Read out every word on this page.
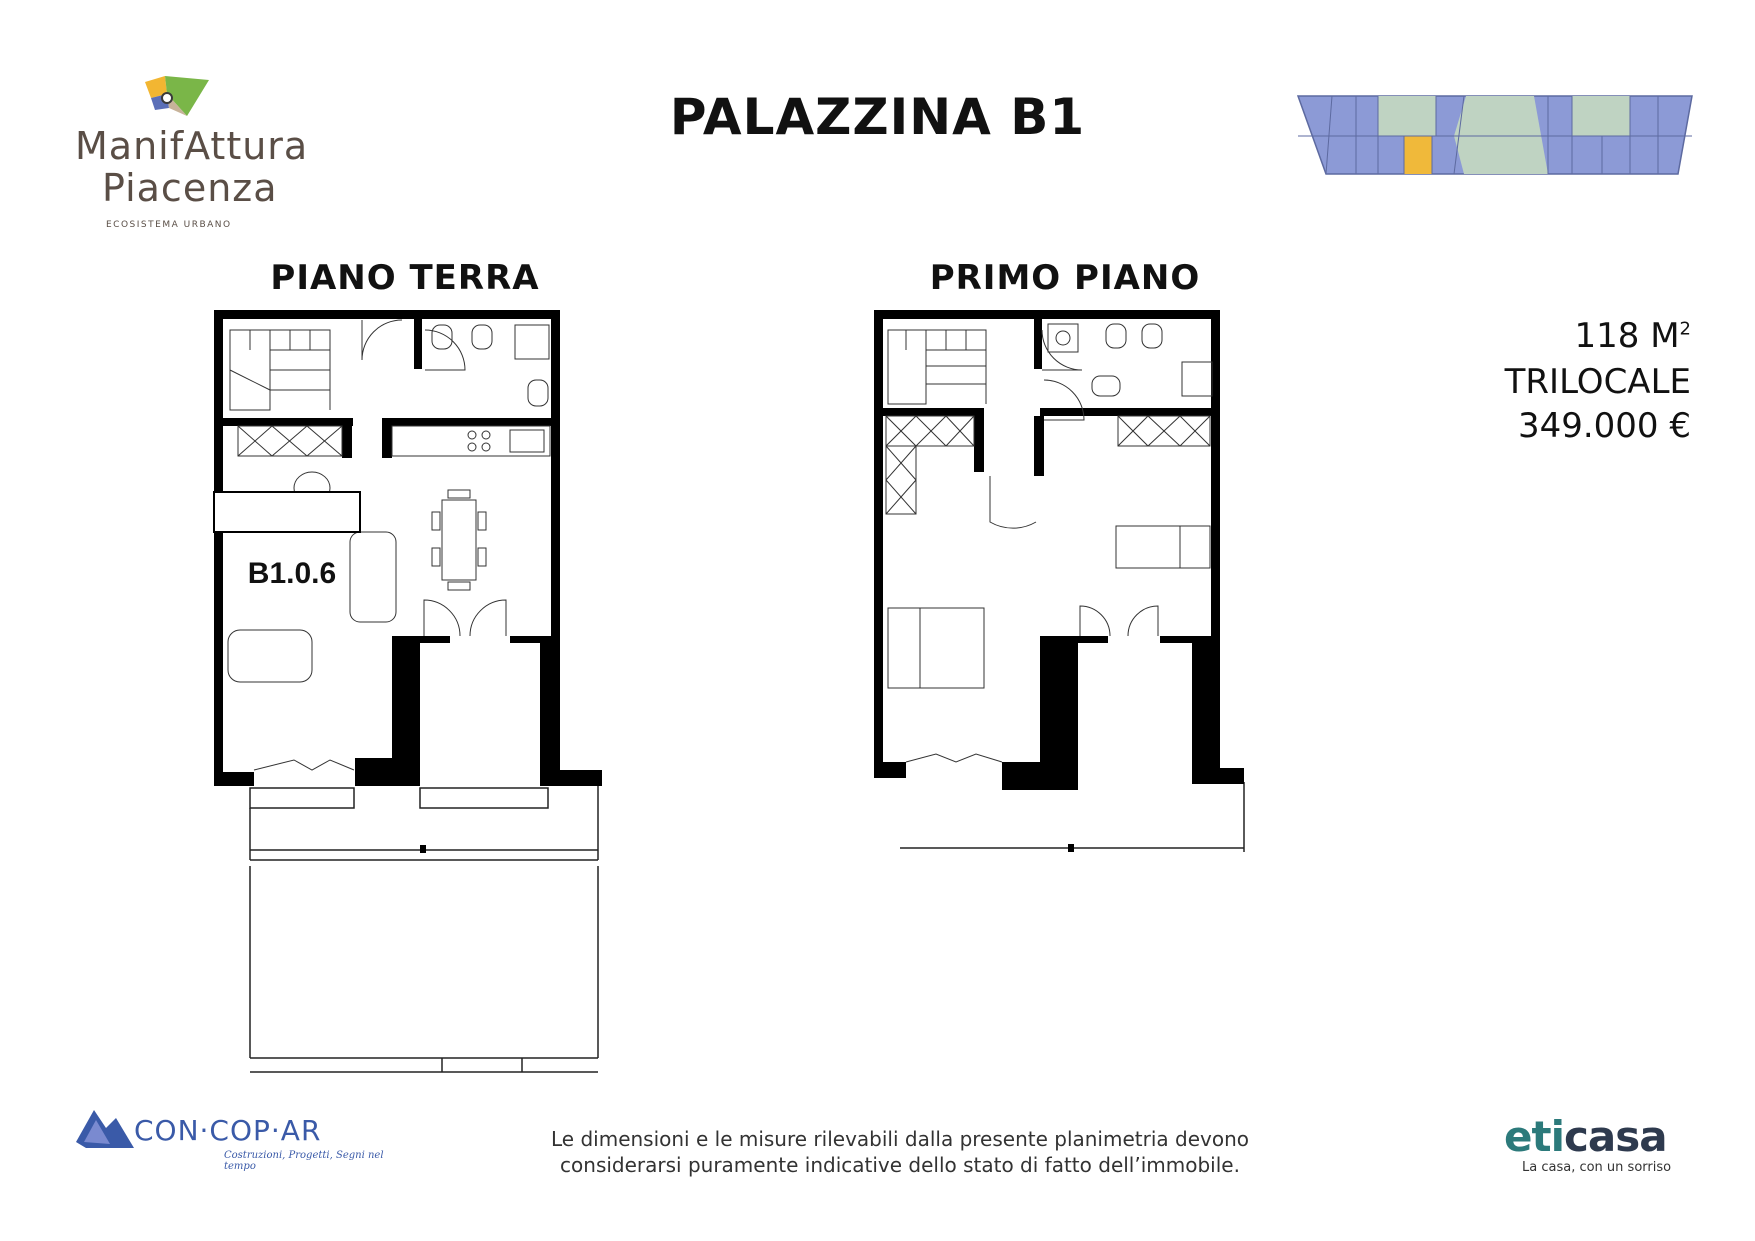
ManifAttura
Piacenza
ECOSISTEMA URBANO
PALAZZINA B1
PIANO TERRA	PRIMO PIANO
118 $M^2$
TRILOCALE
349.000 €
B1.0.6
CON·COP·AR
Costruzioni, Progetti, Segni nel tempo
Le dimensioni e le misure rilevabili dalla presente planimetria devono
considerarsi puramente indicative dello stato di fatto dell’immobile.
eticasa
La casa, con un sorriso
